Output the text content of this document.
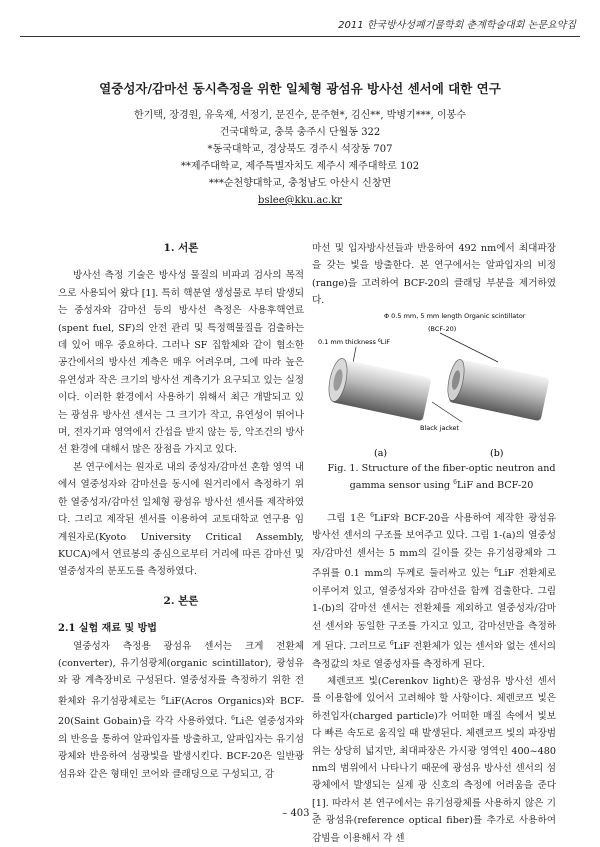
2011 한국방사성폐기물학회 춘계학술대회 논문요약집
열중성자/감마선 동시측정을 위한 일체형 광섬유 방사선 센서에 대한 연구
한기택, 장경원, 유욱재, 서정기, 문진수, 문주현*, 김신**, 박병기***, 이봉수
건국대학교, 충북 충주시 단월동 322
*동국대학교, 경상북도 경주시 석장동 707
**제주대학교, 제주특별자치도 제주시 제주대학로 102
***순천향대학교, 충청남도 아산시 신창면
bslee@kku.ac.kr

1. 서론

방사선 측정 기술은 방사성 물질의 비파괴 검사의 목적으로 사용되어 왔다 [1]. 특히 핵분열 생성물로 부터 발생되는 중성자와 감마선 등의 방사선 측정은 사용후핵연료(spent fuel, SF)의 안전 관리 및 특정핵물질을 검출하는데 있어 매우 중요하다. 그러나 SF 집합체와 같이 협소한 공간에서의 방사선 계측은 매우 어려우며, 그에 따라 높은 유연성과 작은 크기의 방사선 계측기가 요구되고 있는 실정이다. 이러한 환경에서 사용하기 위해서 최근 개발되고 있는 광섬유 방사선 센서는 그 크기가 작고, 유연성이 뛰어나며, 전자기파 영역에서 간섭을 받지 않는 등, 악조건의 방사선 환경에 대해서 많은 장점을 가지고 있다.

본 연구에서는 원자로 내의 중성자/감마선 혼합 영역 내에서 열중성자와 감마선을 동시에 원거리에서 측정하기 위한 열중성자/감마선 일체형 광섬유 방사선 센서를 제작하였다. 그리고 제작된 센서를 이용하여 교토대학교 연구용 임계원자로(Kyoto University Critical Assembly, KUCA)에서 연료봉의 중심으로부터 거리에 따른 감마선 및 열중성자의 분포도를 측정하였다.

2. 본론

2.1 실험 재료 및 방법

열중성자 측정용 광섬유 센서는 크게 전환체(converter), 유기섬광체(organic scintillator), 광섬유와 광 계측장비로 구성된다. 열중성자를 측정하기 위한 전환체와 유기섬광체로는 $^6$LiF(Acros Organics)와 BCF-20(Saint Gobain)을 각각 사용하였다. $^6$Li은 열중성자와의 반응을 통하여 알파입자를 방출하고, 알파입자는 유기섬광체와 반응하여 섬광빛을 발생시킨다. BCF-20은 일반광섬유와 같은 형태인 코어와 클래딩으로 구성되고, 감

마선 및 입자방사선들과 반응하여 492 nm에서 최대파장을 갖는 빛을 방출한다. 본 연구에서는 알파입자의 비정(range)을 고려하여 BCF-20의 클래딩 부분을 제거하였다.

Φ 0.5 mm, 5 mm length Organic scintillator
(BCF-20)
0.1 mm thickness $^6$LiF
Black jacket
(a)	(b)

Fig. 1. Structure of the fiber-optic neutron and

gamma sensor using $^6$LiF and BCF-20

그림 1은 $^6$LiF와 BCF-20을 사용하여 제작한 광섬유 방사선 센서의 구조를 보여주고 있다. 그림 1-(a)의 열중성자/감마선 센서는 5 mm의 길이를 갖는 유기섬광체와 그 주위를 0.1 mm의 두께로 둘러싸고 있는 $^6$LiF 전환체로 이루어져 있고, 열중성자와 감마선을 함께 검출한다. 그림 1-(b)의 감마선 센서는 전환체를 제외하고 열중성자/감마선 센서와 동일한 구조를 가지고 있고, 감마선만을 측정하게 된다. 그러므로 $^6$LiF 전환체가 있는 센서와 없는 센서의 측정값의 차로 열중성자를 측정하게 된다.

체렌코프 빛(Cerenkov light)은 광섬유 방사선 센서를 이용함에 있어서 고려해야 할 사항이다. 체렌코프 빛은 하전입자(charged particle)가 어떠한 매질 속에서 빛보다 빠른 속도로 움직일 때 발생된다. 체렌코프 빛의 파장범위는 상당히 넓지만, 최대파장은 가시광 영역인 400~480 nm의 범위에서 나타나기 때문에 광섬유 방사선 센서의 섬광체에서 발생되는 실제 광 신호의 측정에 어려움을 준다 [1]. 따라서 본 연구에서는 유기섬광체를 사용하지 않은 기준 광섬유(reference optical fiber)를 추가로 사용하여 감빔을 이용해서 각 센

– 403 –
